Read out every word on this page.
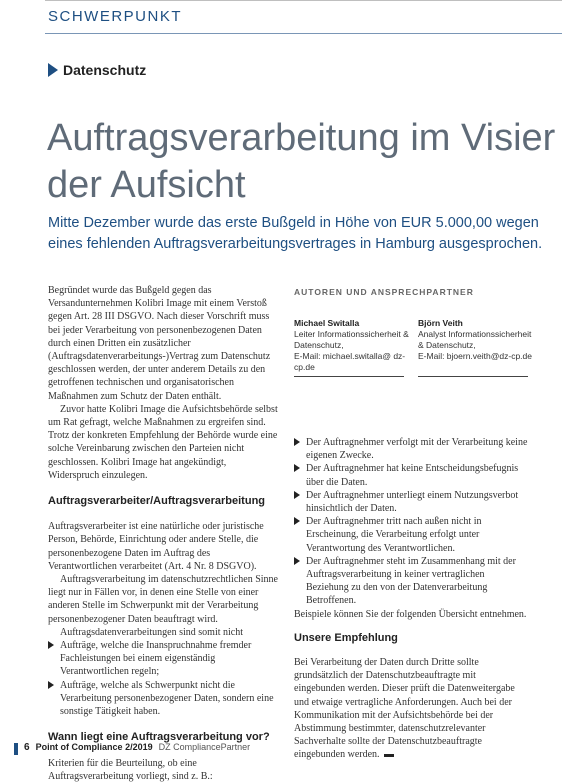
SCHWERPUNKT
Datenschutz
Auftragsverarbeitung im Visier der Aufsicht

Mitte Dezember wurde das erste Bußgeld in Höhe von EUR 5.000,00 wegen eines fehlenden Auftragsverarbeitungsvertrages in Hamburg ausgesprochen.

Begründet wurde das Bußgeld gegen das Versandunternehmen Kolibri Image mit einem Verstoß gegen Art. 28 III DSGVO. Nach dieser Vorschrift muss bei jeder Verarbeitung von personenbezogenen Daten durch einen Dritten ein zusätzlicher (Auftragsdatenverarbeitungs-)Vertrag zum Datenschutz geschlossen werden, der unter anderem Details zu den getroffenen technischen und organisatorischen Maßnahmen zum Schutz der Daten enthält.

Zuvor hatte Kolibri Image die Aufsichtsbehörde selbst um Rat gefragt, welche Maßnahmen zu ergreifen sind. Trotz der konkreten Empfehlung der Behörde wurde eine solche Vereinbarung zwischen den Parteien nicht geschlossen. Kolibri Image hat angekündigt, Widerspruch einzulegen.

Auftragsverarbeiter/Auftragsverarbeitung

Auftragsverarbeiter ist eine natürliche oder juristische Person, Behörde, Einrichtung oder andere Stelle, die personenbezogene Daten im Auftrag des Verantwortlichen verarbeitet (Art. 4 Nr. 8 DSGVO).

Auftragsverarbeitung im datenschutzrechtlichen Sinne liegt nur in Fällen vor, in denen eine Stelle von einer anderen Stelle im Schwerpunkt mit der Verarbeitung personenbezogener Daten beauftragt wird.

Auftragsdatenverarbeitungen sind somit nicht

Aufträge, welche die Inanspruchnahme fremder Fachleistungen bei einem eigenständig Verantwortlichen regeln;
Aufträge, welche als Schwerpunkt nicht die Verarbeitung personenbezogener Daten, sondern eine sonstige Tätigkeit haben.

Wann liegt eine Auftragsverarbeitung vor?

Kriterien für die Beurteilung, ob eine Auftragsverarbeitung vorliegt, sind z. B.:

AUTOREN UND ANSPRECHPARTNER
Michael Switalla
Leiter Informationssicherheit & Datenschutz,
E-Mail: michael.switalla@ dz-cp.de
Björn Veith
Analyst Informationssicherheit & Datenschutz,
E-Mail: bjoern.veith@dz-cp.de
Der Auftragnehmer verfolgt mit der Verarbeitung keine eigenen Zwecke.
Der Auftragnehmer hat keine Entscheidungsbefugnis über die Daten.
Der Auftragnehmer unterliegt einem Nutzungsverbot hinsichtlich der Daten.
Der Auftragnehmer tritt nach außen nicht in Erscheinung, die Verarbeitung erfolgt unter Verantwortung des Verantwortlichen.
Der Auftragnehmer steht im Zusammenhang mit der Auftragsverarbeitung in keiner vertraglichen Beziehung zu den von der Datenverarbeitung Betroffenen.

Beispiele können Sie der folgenden Übersicht entnehmen.

Unsere Empfehlung

Bei Verarbeitung der Daten durch Dritte sollte grundsätzlich der Datenschutzbeauftragte mit eingebunden werden. Dieser prüft die Datenweitergabe und etwaige vertragliche Anforderungen. Auch bei der Kommunikation mit der Aufsichtsbehörde bei der Abstimmung bestimmter, datenschutzrelevanter Sachverhalte sollte der Datenschutzbeauftragte eingebunden werden.

6 Point of Compliance 2/2019 DZ CompliancePartner
